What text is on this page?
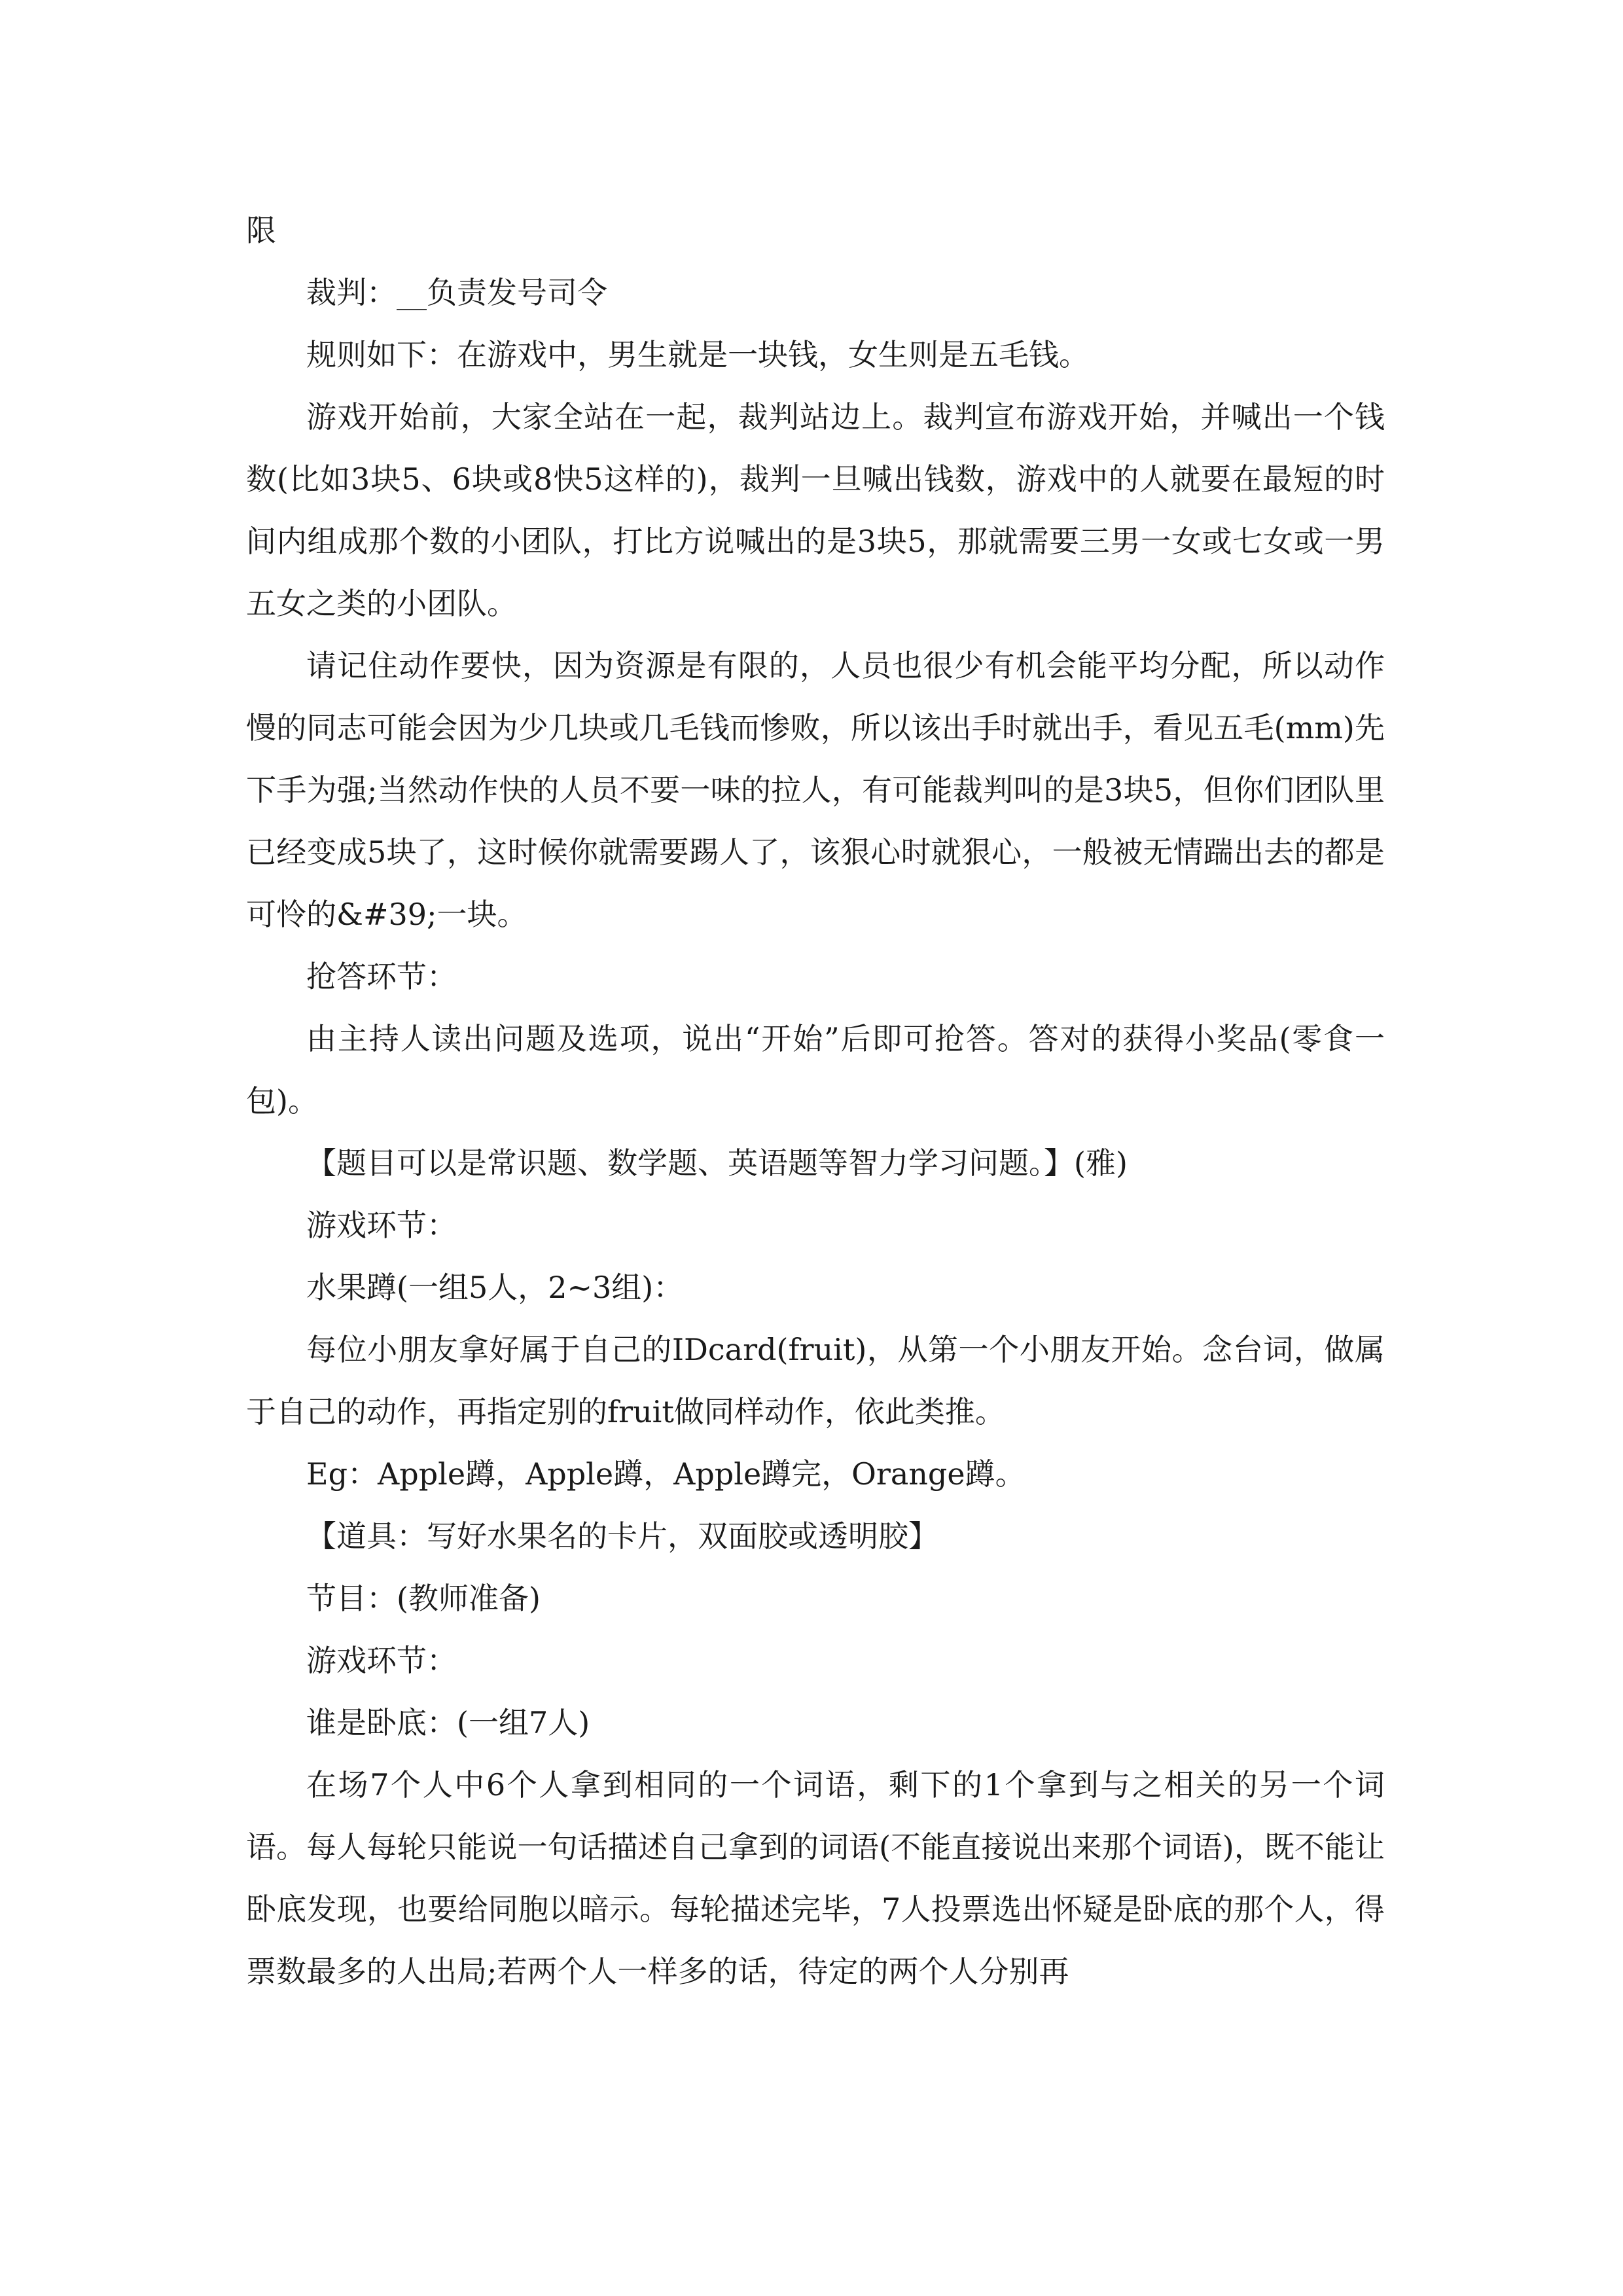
限

裁判：__负责发号司令

规则如下：在游戏中，男生就是一块钱，女生则是五毛钱。

游戏开始前，大家全站在一起，裁判站边上。裁判宣布游戏开始，并喊出一个钱数(比如3块5、6块或8快5这样的)，裁判一旦喊出钱数，游戏中的人就要在最短的时间内组成那个数的小团队，打比方说喊出的是3块5，那就需要三男一女或七女或一男五女之类的小团队。

请记住动作要快，因为资源是有限的，人员也很少有机会能平均分配，所以动作慢的同志可能会因为少几块或几毛钱而惨败，所以该出手时就出手，看见五毛(mm)先下手为强;当然动作快的人员不要一味的拉人，有可能裁判叫的是3块5，但你们团队里已经变成5块了，这时候你就需要踢人了，该狠心时就狠心，一般被无情踹出去的都是可怜的&#39;一块。

抢答环节：

由主持人读出问题及选项，说出“开始”后即可抢答。答对的获得小奖品(零食一包)。

【题目可以是常识题、数学题、英语题等智力学习问题。】(雅)

游戏环节：

水果蹲(一组5人，2~3组)：

每位小朋友拿好属于自己的IDcard(fruit)，从第一个小朋友开始。念台词，做属于自己的动作，再指定别的fruit做同样动作，依此类推。

Eg：Apple蹲，Apple蹲，Apple蹲完，Orange蹲。

【道具：写好水果名的卡片，双面胶或透明胶】

节目：(教师准备)

游戏环节：

谁是卧底：(一组7人)

在场7个人中6个人拿到相同的一个词语，剩下的1个拿到与之相关的另一个词语。每人每轮只能说一句话描述自己拿到的词语(不能直接说出来那个词语)，既不能让卧底发现，也要给同胞以暗示。每轮描述完毕，7人投票选出怀疑是卧底的那个人，得票数最多的人出局;若两个人一样多的话，待定的两个人分别再
